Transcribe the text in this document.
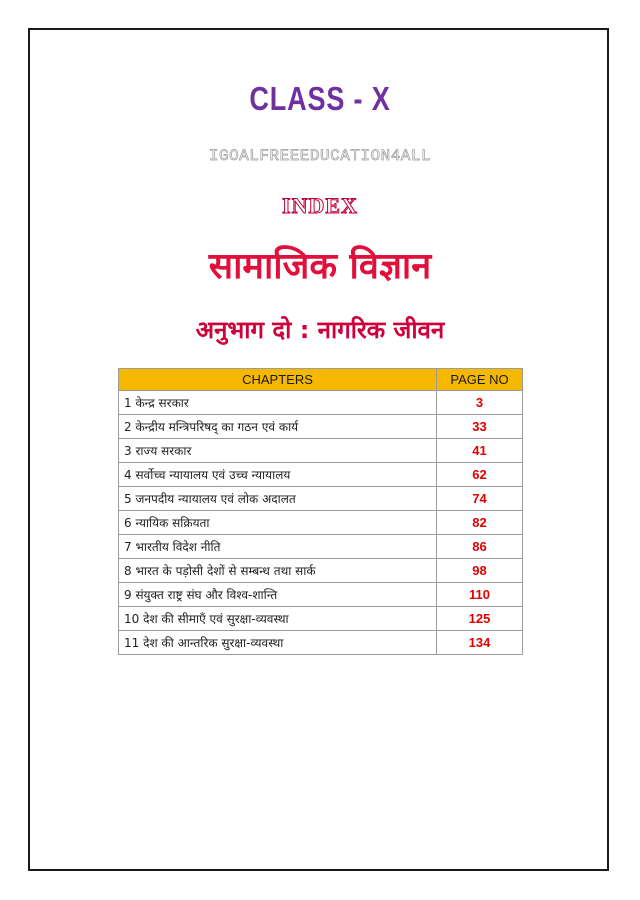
CLASS - X
IGOALFREEEDUCATION4ALL
INDEX
सामाजिक विज्ञान
अनुभाग दो : नागरिक जीवन
CHAPTERS	PAGE NO
1 केन्द्र सरकार	3
2 केन्द्रीय मन्त्रिपरिषद् का गठन एवं कार्य	33
3 राज्य सरकार	41
4 सर्वोच्च न्यायालय एवं उच्च न्यायालय	62
5 जनपदीय न्यायालय एवं लोक अदालत	74
6 न्यायिक सक्रियता	82
7 भारतीय विदेश नीति	86
8 भारत के पड़ोसी देशों से सम्बन्ध तथा सार्क	98
9 संयुक्त राष्ट्र संघ और विश्व-शान्ति	110
10 देश की सीमाएँ एवं सुरक्षा-व्यवस्था	125
11 देश की आन्तरिक सुरक्षा-व्यवस्था	134
